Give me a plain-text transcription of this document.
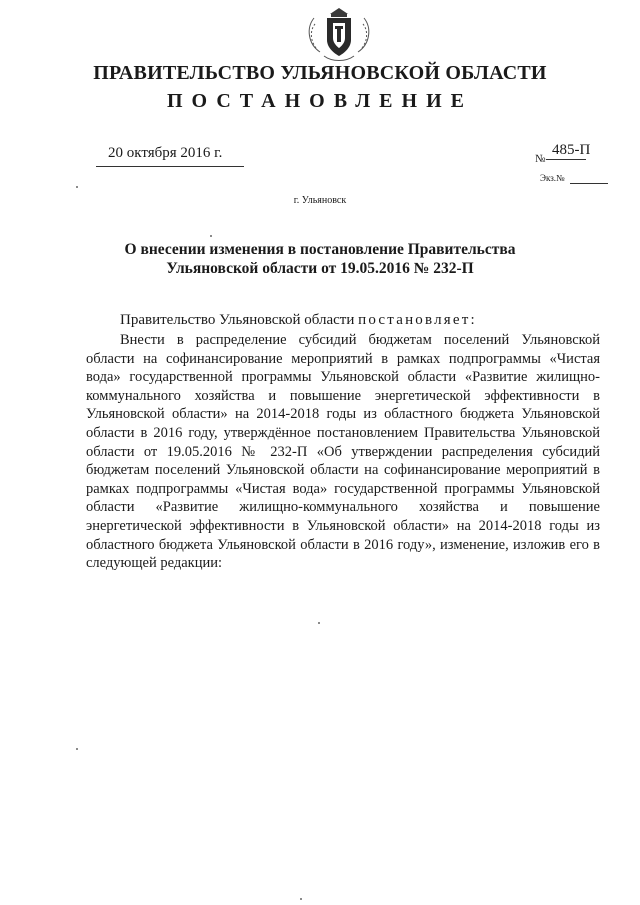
ПРАВИТЕЛЬСТВО УЛЬЯНОВСКОЙ ОБЛАСТИ
ПОСТАНОВЛЕНИЕ
20 октября 2016 г.	485-П
№
Экз.№
г. Ульяновск
О внесении изменения в постановление Правительства
Ульяновской области от 19.05.2016 № 232-П
Правительство Ульяновской области постановляет:
Внести в распределение субсидий бюджетам поселений Ульяновской области на софинансирование мероприятий в рамках подпрограммы «Чистая вода» государственной программы Ульяновской области «Развитие жилищно-коммунального хозяйства и повышение энергетической эффективности в Ульяновской области» на 2014-2018 годы из областного бюджета Ульяновской области в 2016 году, утверждённое постановлением Правительства Ульяновской области от 19.05.2016 № 232-П «Об утверждении распределения субсидий бюджетам поселений Ульяновской области на софинансирование мероприятий в рамках подпрограммы «Чистая вода» государственной программы Ульяновской области «Развитие жилищно-коммунального хозяйства и повышение энергетической эффективности в Ульяновской области» на 2014-2018 годы из областного бюджета Ульяновской области в 2016 году», изменение, изложив его в следующей редакции:
